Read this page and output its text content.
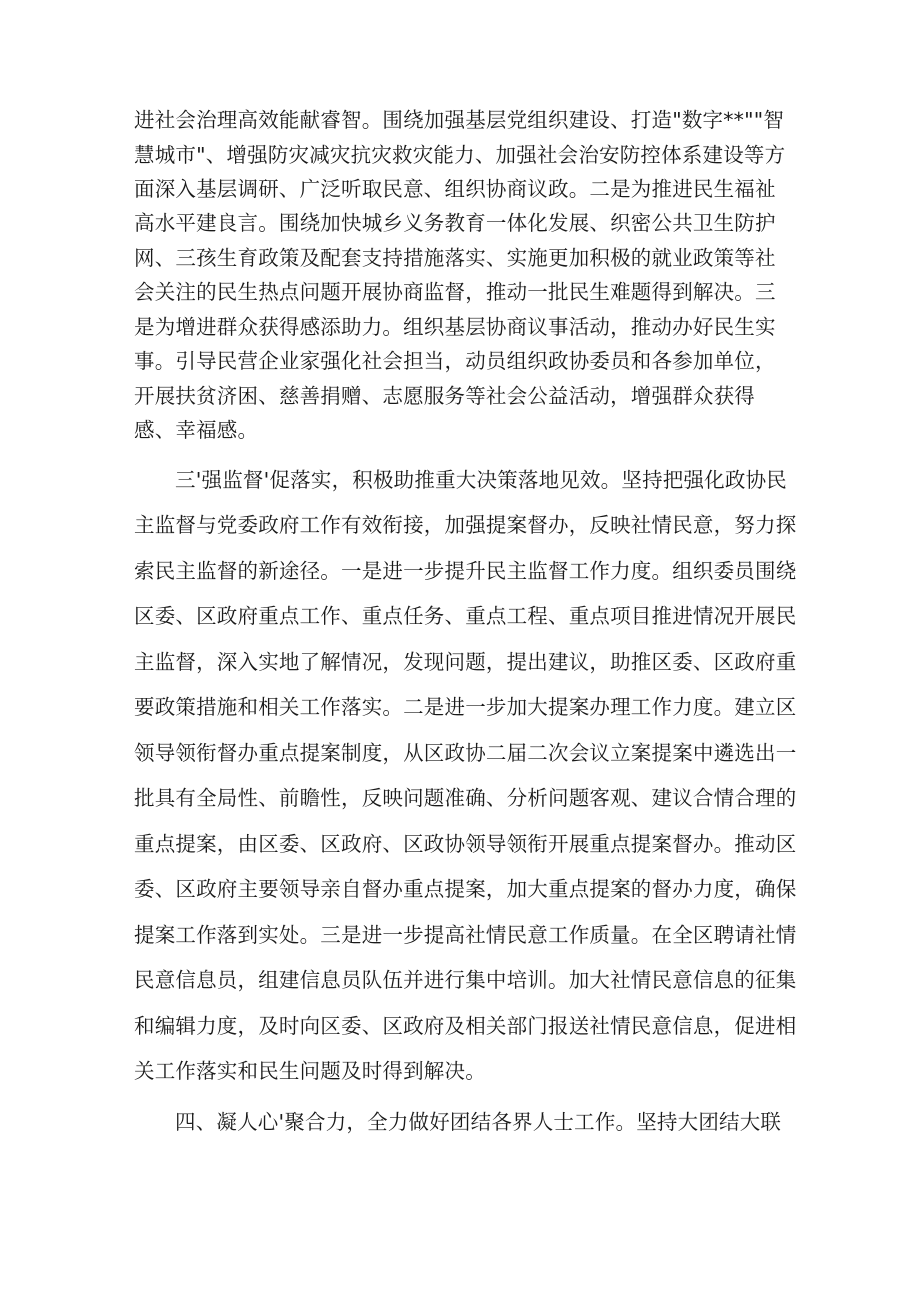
进社会治理高效能献睿智。围绕加强基层党组织建设、打造"数字**""智
慧城市"、增强防灾减灾抗灾救灾能力、加强社会治安防控体系建设等方
面深入基层调研、广泛听取民意、组织协商议政。二是为推进民生福祉
高水平建良言。围绕加快城乡义务教育一体化发展、织密公共卫生防护
网、三孩生育政策及配套支持措施落实、实施更加积极的就业政策等社
会关注的民生热点问题开展协商监督，推动一批民生难题得到解决。三
是为增进群众获得感添助力。组织基层协商议事活动，推动办好民生实
事。引导民营企业家强化社会担当，动员组织政协委员和各参加单位，
开展扶贫济困、慈善捐赠、志愿服务等社会公益活动，增强群众获得
感、幸福感。
三'强监督'促落实，积极助推重大决策落地见效。坚持把强化政协民
主监督与党委政府工作有效衔接，加强提案督办，反映社情民意，努力探
索民主监督的新途径。一是进一步提升民主监督工作力度。组织委员围绕
区委、区政府重点工作、重点任务、重点工程、重点项目推进情况开展民
主监督，深入实地了解情况，发现问题，提出建议，助推区委、区政府重
要政策措施和相关工作落实。二是进一步加大提案办理工作力度。建立区
领导领衔督办重点提案制度，从区政协二届二次会议立案提案中遴选出一
批具有全局性、前瞻性，反映问题准确、分析问题客观、建议合情合理的
重点提案，由区委、区政府、区政协领导领衔开展重点提案督办。推动区
委、区政府主要领导亲自督办重点提案，加大重点提案的督办力度，确保
提案工作落到实处。三是进一步提高社情民意工作质量。在全区聘请社情
民意信息员，组建信息员队伍并进行集中培训。加大社情民意信息的征集
和编辑力度，及时向区委、区政府及相关部门报送社情民意信息，促进相
关工作落实和民生问题及时得到解决。
四、凝人心'聚合力，全力做好团结各界人士工作。坚持大团结大联
